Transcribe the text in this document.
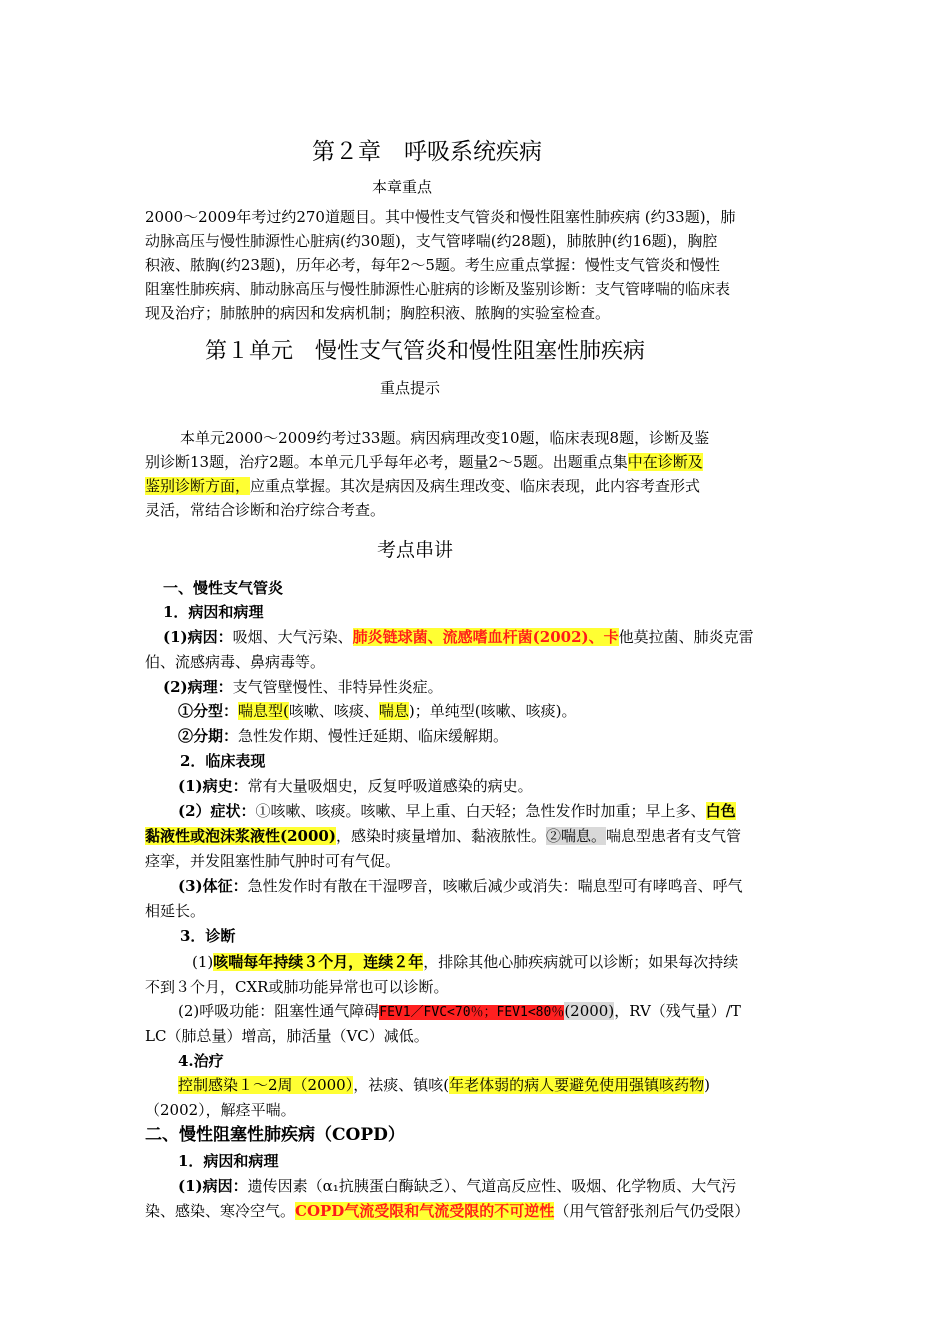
第２章　呼吸系统疾病
本章重点
2000～2009年考过约270道题目。其中慢性支气管炎和慢性阻塞性肺疾病 (约33题)，肺
动脉高压与慢性肺源性心脏病(约30题)，支气管哮喘(约28题)，肺脓肿(约16题)，胸腔
积液、脓胸(约23题)，历年必考，每年2～5题。考生应重点掌握：慢性支气管炎和慢性
阻塞性肺疾病、肺动脉高压与慢性肺源性心脏病的诊断及鉴别诊断：支气管哮喘的临床表
现及治疗；肺脓肿的病因和发病机制；胸腔积液、脓胸的实验室检查。
第１单元　慢性支气管炎和慢性阻塞性肺疾病
重点提示
本单元2000～2009约考过33题。病因病理改变10题，临床表现8题，诊断及鉴
别诊断13题，治疗2题。本单元几乎每年必考，题量2～5题。出题重点集中在诊断及
鉴别诊断方面，应重点掌握。其次是病因及病生理改变、临床表现，此内容考查形式
灵活，常结合诊断和治疗综合考查。
考点串讲
一、慢性支气管炎
1．病因和病理
(1)病因：吸烟、大气污染、肺炎链球菌、流感嗜血杆菌(2002)、卡他莫拉菌、肺炎克雷
伯、流感病毒、鼻病毒等。
(2)病理：支气管壁慢性、非特异性炎症。
①分型：喘息型(咳嗽、咳痰、喘息)；单纯型(咳嗽、咳痰)。
②分期：急性发作期、慢性迁延期、临床缓解期。
2．临床表现
(1)病史：常有大量吸烟史，反复呼吸道感染的病史。
(2）症状：①咳嗽、咳痰。咳嗽、早上重、白天轻；急性发作时加重；早上多、白色
黏液性或泡沫浆液性(2000)，感染时痰量增加、黏液脓性。②喘息。喘息型患者有支气管
痉挛，并发阻塞性肺气肿时可有气促。
(3)体征：急性发作时有散在干湿啰音，咳嗽后减少或消失：喘息型可有哮鸣音、呼气
相延长。
3．诊断
(1)咳喘每年持续３个月，连续２年，排除其他心肺疾病就可以诊断；如果每次持续
不到３个月，CXR或肺功能异常也可以诊断。
(2)呼吸功能：阻塞性通气障碍FEV1／FVC<70％；FEV1<80％(2000)，RV（残气量）/T
LC（肺总量）增高，肺活量（VC）减低。
4.治疗
控制感染１～2周（2000），祛痰、镇咳(年老体弱的病人要避免使用强镇咳药物)
（2002），解痉平喘。
二、慢性阻塞性肺疾病（COPD）
1．病因和病理
(1)病因：遗传因素（α₁抗胰蛋白酶缺乏）、气道高反应性、吸烟、化学物质、大气污
染、感染、寒冷空气。COPD气流受限和气流受限的不可逆性（用气管舒张剂后气仍受限）
